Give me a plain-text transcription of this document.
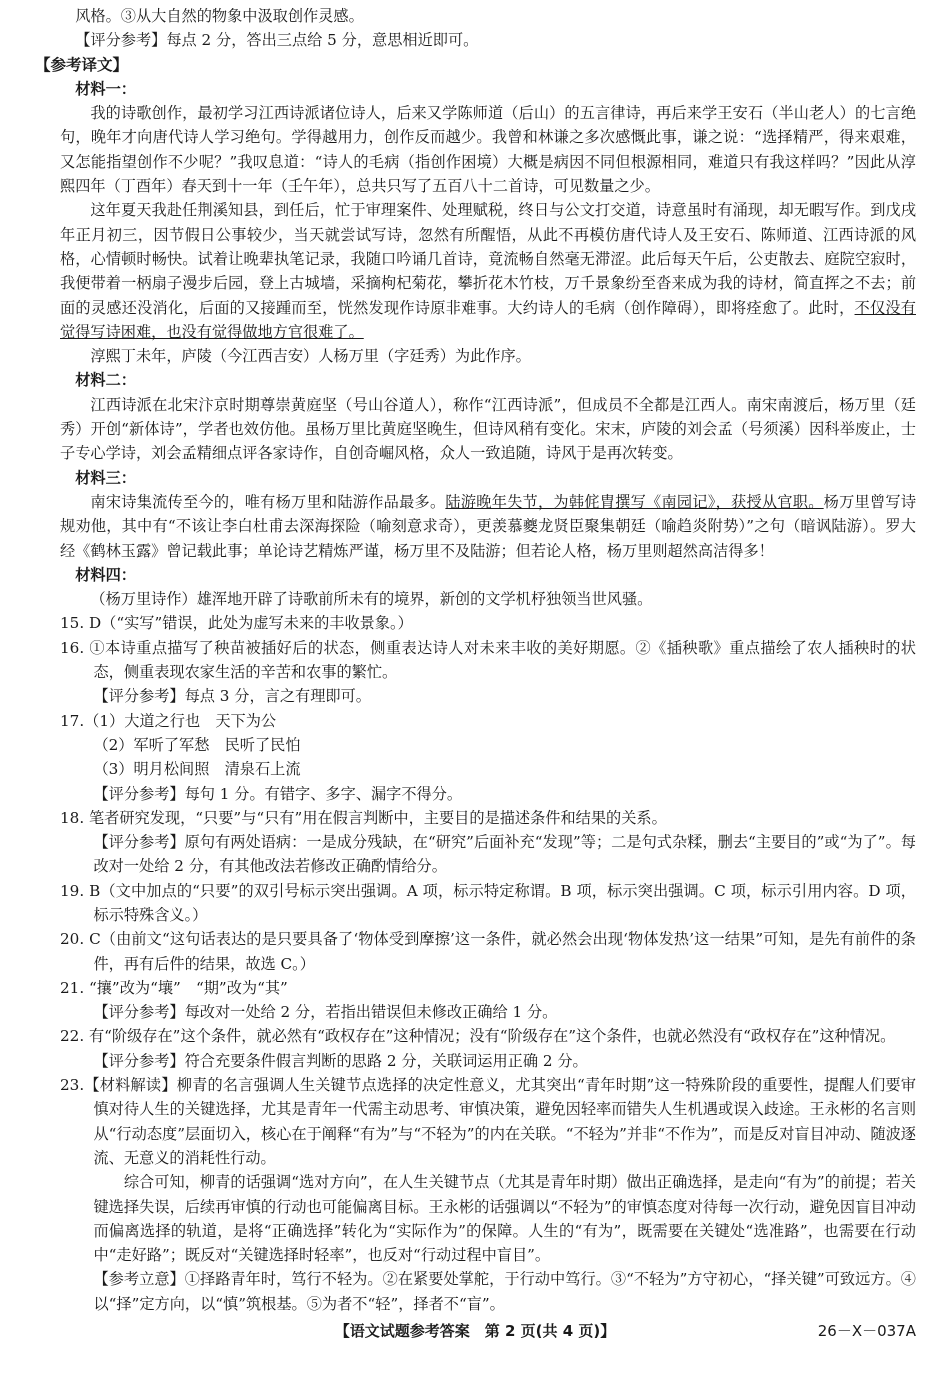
风格。③从大自然的物象中汲取创作灵感。
【评分参考】每点 2 分，答出三点给 5 分，意思相近即可。
【参考译文】
材料一：
我的诗歌创作，最初学习江西诗派诸位诗人，后来又学陈师道（后山）的五言律诗，再后来学王安石（半山老人）的七言绝句，晚年才向唐代诗人学习绝句。学得越用力，创作反而越少。我曾和林谦之多次感慨此事，谦之说：“选择精严，得来艰难，又怎能指望创作不少呢？”我叹息道：“诗人的毛病（指创作困境）大概是病因不同但根源相同，难道只有我这样吗？”因此从淳熙四年（丁酉年）春天到十一年（壬午年），总共只写了五百八十二首诗，可见数量之少。
这年夏天我赴任荆溪知县，到任后，忙于审理案件、处理赋税，终日与公文打交道，诗意虽时有涌现，却无暇写作。到戊戌年正月初三，因节假日公事较少，当天就尝试写诗，忽然有所醒悟，从此不再模仿唐代诗人及王安石、陈师道、江西诗派的风格，心情顿时畅快。试着让晚辈执笔记录，我随口吟诵几首诗，竟流畅自然毫无滞涩。此后每天午后，公吏散去、庭院空寂时，我便带着一柄扇子漫步后园，登上古城墙，采摘枸杞菊花，攀折花木竹枝，万千景象纷至沓来成为我的诗材，简直挥之不去；前面的灵感还没消化，后面的又接踵而至，恍然发现作诗原非难事。大约诗人的毛病（创作障碍），即将痊愈了。此时，不仅没有觉得写诗困难，也没有觉得做地方官很难了。
淳熙丁未年，庐陵（今江西吉安）人杨万里（字廷秀）为此作序。
材料二：
江西诗派在北宋汴京时期尊崇黄庭坚（号山谷道人），称作“江西诗派”，但成员不全都是江西人。南宋南渡后，杨万里（廷秀）开创“新体诗”，学者也效仿他。虽杨万里比黄庭坚晚生，但诗风稍有变化。宋末，庐陵的刘会孟（号须溪）因科举废止，士子专心学诗，刘会孟精细点评各家诗作，自创奇崛风格，众人一致追随，诗风于是再次转变。
材料三：
南宋诗集流传至今的，唯有杨万里和陆游作品最多。陆游晚年失节，为韩侂胄撰写《南园记》，获授从官职。杨万里曾写诗规劝他，其中有“不该让李白杜甫去深海探险（喻刻意求奇），更羡慕夔龙贤臣聚集朝廷（喻趋炎附势）”之句（暗讽陆游）。罗大经《鹤林玉露》曾记载此事；单论诗艺精炼严谨，杨万里不及陆游；但若论人格，杨万里则超然高洁得多！
材料四：
（杨万里诗作）雄浑地开辟了诗歌前所未有的境界，新创的文学机杼独领当世风骚。
15. D（“实写”错误，此处为虚写未来的丰收景象。）
16. ①本诗重点描写了秧苗被插好后的状态，侧重表达诗人对未来丰收的美好期愿。②《插秧歌》重点描绘了农人插秧时的状态，侧重表现农家生活的辛苦和农事的繁忙。
【评分参考】每点 3 分，言之有理即可。
17.（1）大道之行也　天下为公
（2）军听了军愁　民听了民怕
（3）明月松间照　清泉石上流
【评分参考】每句 1 分。有错字、多字、漏字不得分。
18. 笔者研究发现，“只要”与“只有”用在假言判断中，主要目的是描述条件和结果的关系。
【评分参考】原句有两处语病：一是成分残缺，在“研究”后面补充“发现”等；二是句式杂糅，删去“主要目的”或“为了”。每改对一处给 2 分，有其他改法若修改正确酌情给分。
19. B（文中加点的“只要”的双引号标示突出强调。A 项，标示特定称谓。B 项，标示突出强调。C 项，标示引用内容。D 项，标示特殊含义。）
20. C（由前文“这句话表达的是只要具备了‘物体受到摩擦’这一条件，就必然会出现‘物体发热’这一结果”可知，是先有前件的条件，再有后件的结果，故选 C。）
21. “攘”改为“壤”　“期”改为“其”
【评分参考】每改对一处给 2 分，若指出错误但未修改正确给 1 分。
22. 有“阶级存在”这个条件，就必然有“政权存在”这种情况；没有“阶级存在”这个条件，也就必然没有“政权存在”这种情况。
【评分参考】符合充要条件假言判断的思路 2 分，关联词运用正确 2 分。
23.【材料解读】柳青的名言强调人生关键节点选择的决定性意义，尤其突出“青年时期”这一特殊阶段的重要性，提醒人们要审慎对待人生的关键选择，尤其是青年一代需主动思考、审慎决策，避免因轻率而错失人生机遇或误入歧途。王永彬的名言则从“行动态度”层面切入，核心在于阐释“有为”与“不轻为”的内在关联。“不轻为”并非“不作为”，而是反对盲目冲动、随波逐流、无意义的消耗性行动。
综合可知，柳青的话强调“选对方向”，在人生关键节点（尤其是青年时期）做出正确选择，是走向“有为”的前提；若关键选择失误，后续再审慎的行动也可能偏离目标。王永彬的话强调以“不轻为”的审慎态度对待每一次行动，避免因盲目冲动而偏离选择的轨道，是将“正确选择”转化为“实际作为”的保障。人生的“有为”，既需要在关键处“选准路”，也需要在行动中“走好路”；既反对“关键选择时轻率”，也反对“行动过程中盲目”。
【参考立意】①择路青年时，笃行不轻为。②在紧要处掌舵，于行动中笃行。③“不轻为”方守初心，“择关键”可致远方。④以“择”定方向，以“慎”筑根基。⑤为者不“轻”，择者不“盲”。
【语文试题参考答案　第 2 页(共 4 页)】	26－X－037A
